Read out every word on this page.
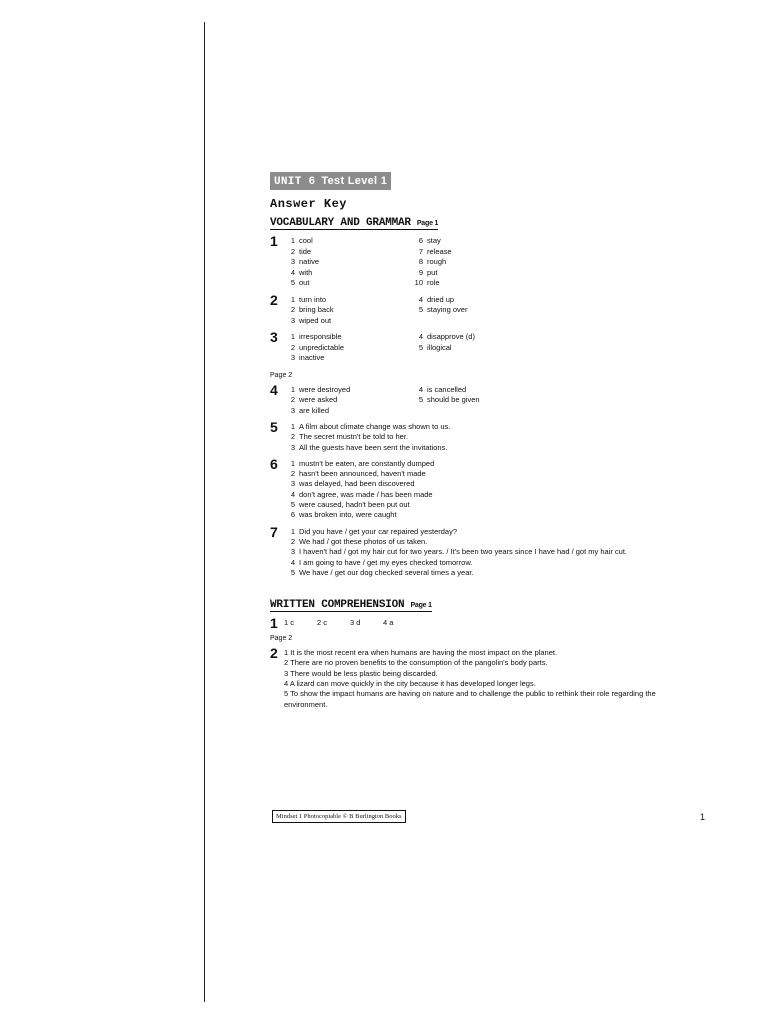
UNIT 6 Test Level 1
Answer Key
VOCABULARY AND GRAMMAR Page 1
1	1 cool	6 stay
2 tide	7 release
3 native	8 rough
4 with	9 put
5 out	10 role
2	1 turn into	4 dried up
2 bring back	5 staying over
3 wiped out
3	1 irresponsible	4 disapprove (d)
2 unpredictable	5 illogical
3 inactive
Page 2
4	1 were destroyed	4 is cancelled
2 were asked	5 should be given
3 are killed
5	1 A film about climate change was shown to us.
2 The secret mustn't be told to her.
3 All the guests have been sent the invitations.
6	1 mustn't be eaten, are constantly dumped
2 hasn't been announced, haven't made
3 was delayed, had been discovered
4 don't agree, was made / has been made
5 were caused, hadn't been put out
6 was broken into, were caught
7	1 Did you have / get your car repaired yesterday?
2 We had / got these photos of us taken.
3 I haven't had / got my hair cut for two years. / It's been two years since I have had / got my hair cut.
4 I am going to have / get my eyes checked tomorrow.
5 We have / get our dog checked several times a year.
WRITTEN COMPREHENSION Page 1
1 1 c	2 c	3 d	4 a
Page 2
2 1 It is the most recent era when humans are having the most impact on the planet.
2 There are no proven benefits to the consumption of the pangolin's body parts.
3 There would be less plastic being discarded.
4 A lizard can move quickly in the city because it has developed longer legs.
5 To show the impact humans are having on nature and to challenge the public to rethink their role regarding the environment.
Mindset 1 Photocopiable © B Burlington Books	1
